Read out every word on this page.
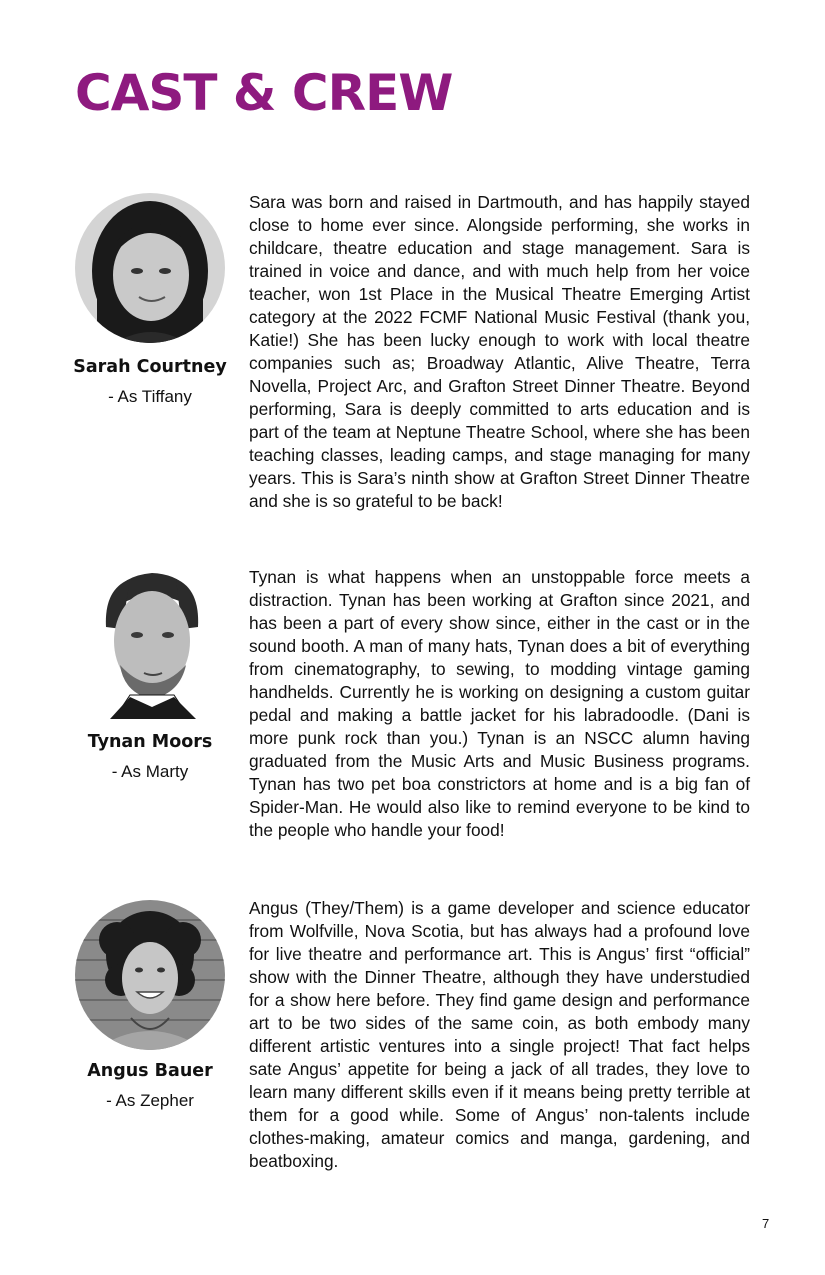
CAST & CREW
Sarah Courtney
- As Tiffany

Sara was born and raised in Dartmouth, and has happily stayed close to home ever since. Alongside performing, she works in childcare, theatre education and stage management. Sara is trained in voice and dance, and with much help from her voice teacher, won 1st Place in the Musical Theatre Emerging Artist category at the 2022 FCMF National Music Festival (thank you, Katie!) She has been lucky enough to work with local theatre companies such as; Broadway Atlantic, Alive Theatre, Terra Novella, Project Arc, and Grafton Street Dinner Theatre. Beyond performing, Sara is deeply committed to arts education and is part of the team at Neptune Theatre School, where she has been teaching classes, leading camps, and stage managing for many years. This is Sara’s ninth show at Grafton Street Dinner Theatre and she is so grateful to be back!

Tynan Moors
- As Marty

Tynan is what happens when an unstoppable force meets a distraction. Tynan has been working at Grafton since 2021, and has been a part of every show since, either in the cast or in the sound booth. A man of many hats, Tynan does a bit of everything from cinematography, to sewing, to modding vintage gaming handhelds. Currently he is working on designing a custom guitar pedal and making a battle jacket for his labradoodle. (Dani is more punk rock than you.) Tynan is an NSCC alumn having graduated from the Music Arts and Music Business programs. Tynan has two pet boa constrictors at home and is a big fan of Spider-Man. He would also like to remind everyone to be kind to the people who handle your food!

Angus Bauer
- As Zepher

Angus (They/Them) is a game developer and science educator from Wolfville, Nova Scotia, but has always had a profound love for live theatre and performance art. This is Angus’ first “official” show with the Dinner Theatre, although they have understudied for a show here before. They find game design and performance art to be two sides of the same coin, as both embody many different artistic ventures into a single project! That fact helps sate Angus’ appetite for being a jack of all trades, they love to learn many different skills even if it means being pretty terrible at them for a good while. Some of Angus’ non-talents include clothes-making, amateur comics and manga, gardening, and beatboxing.

7
